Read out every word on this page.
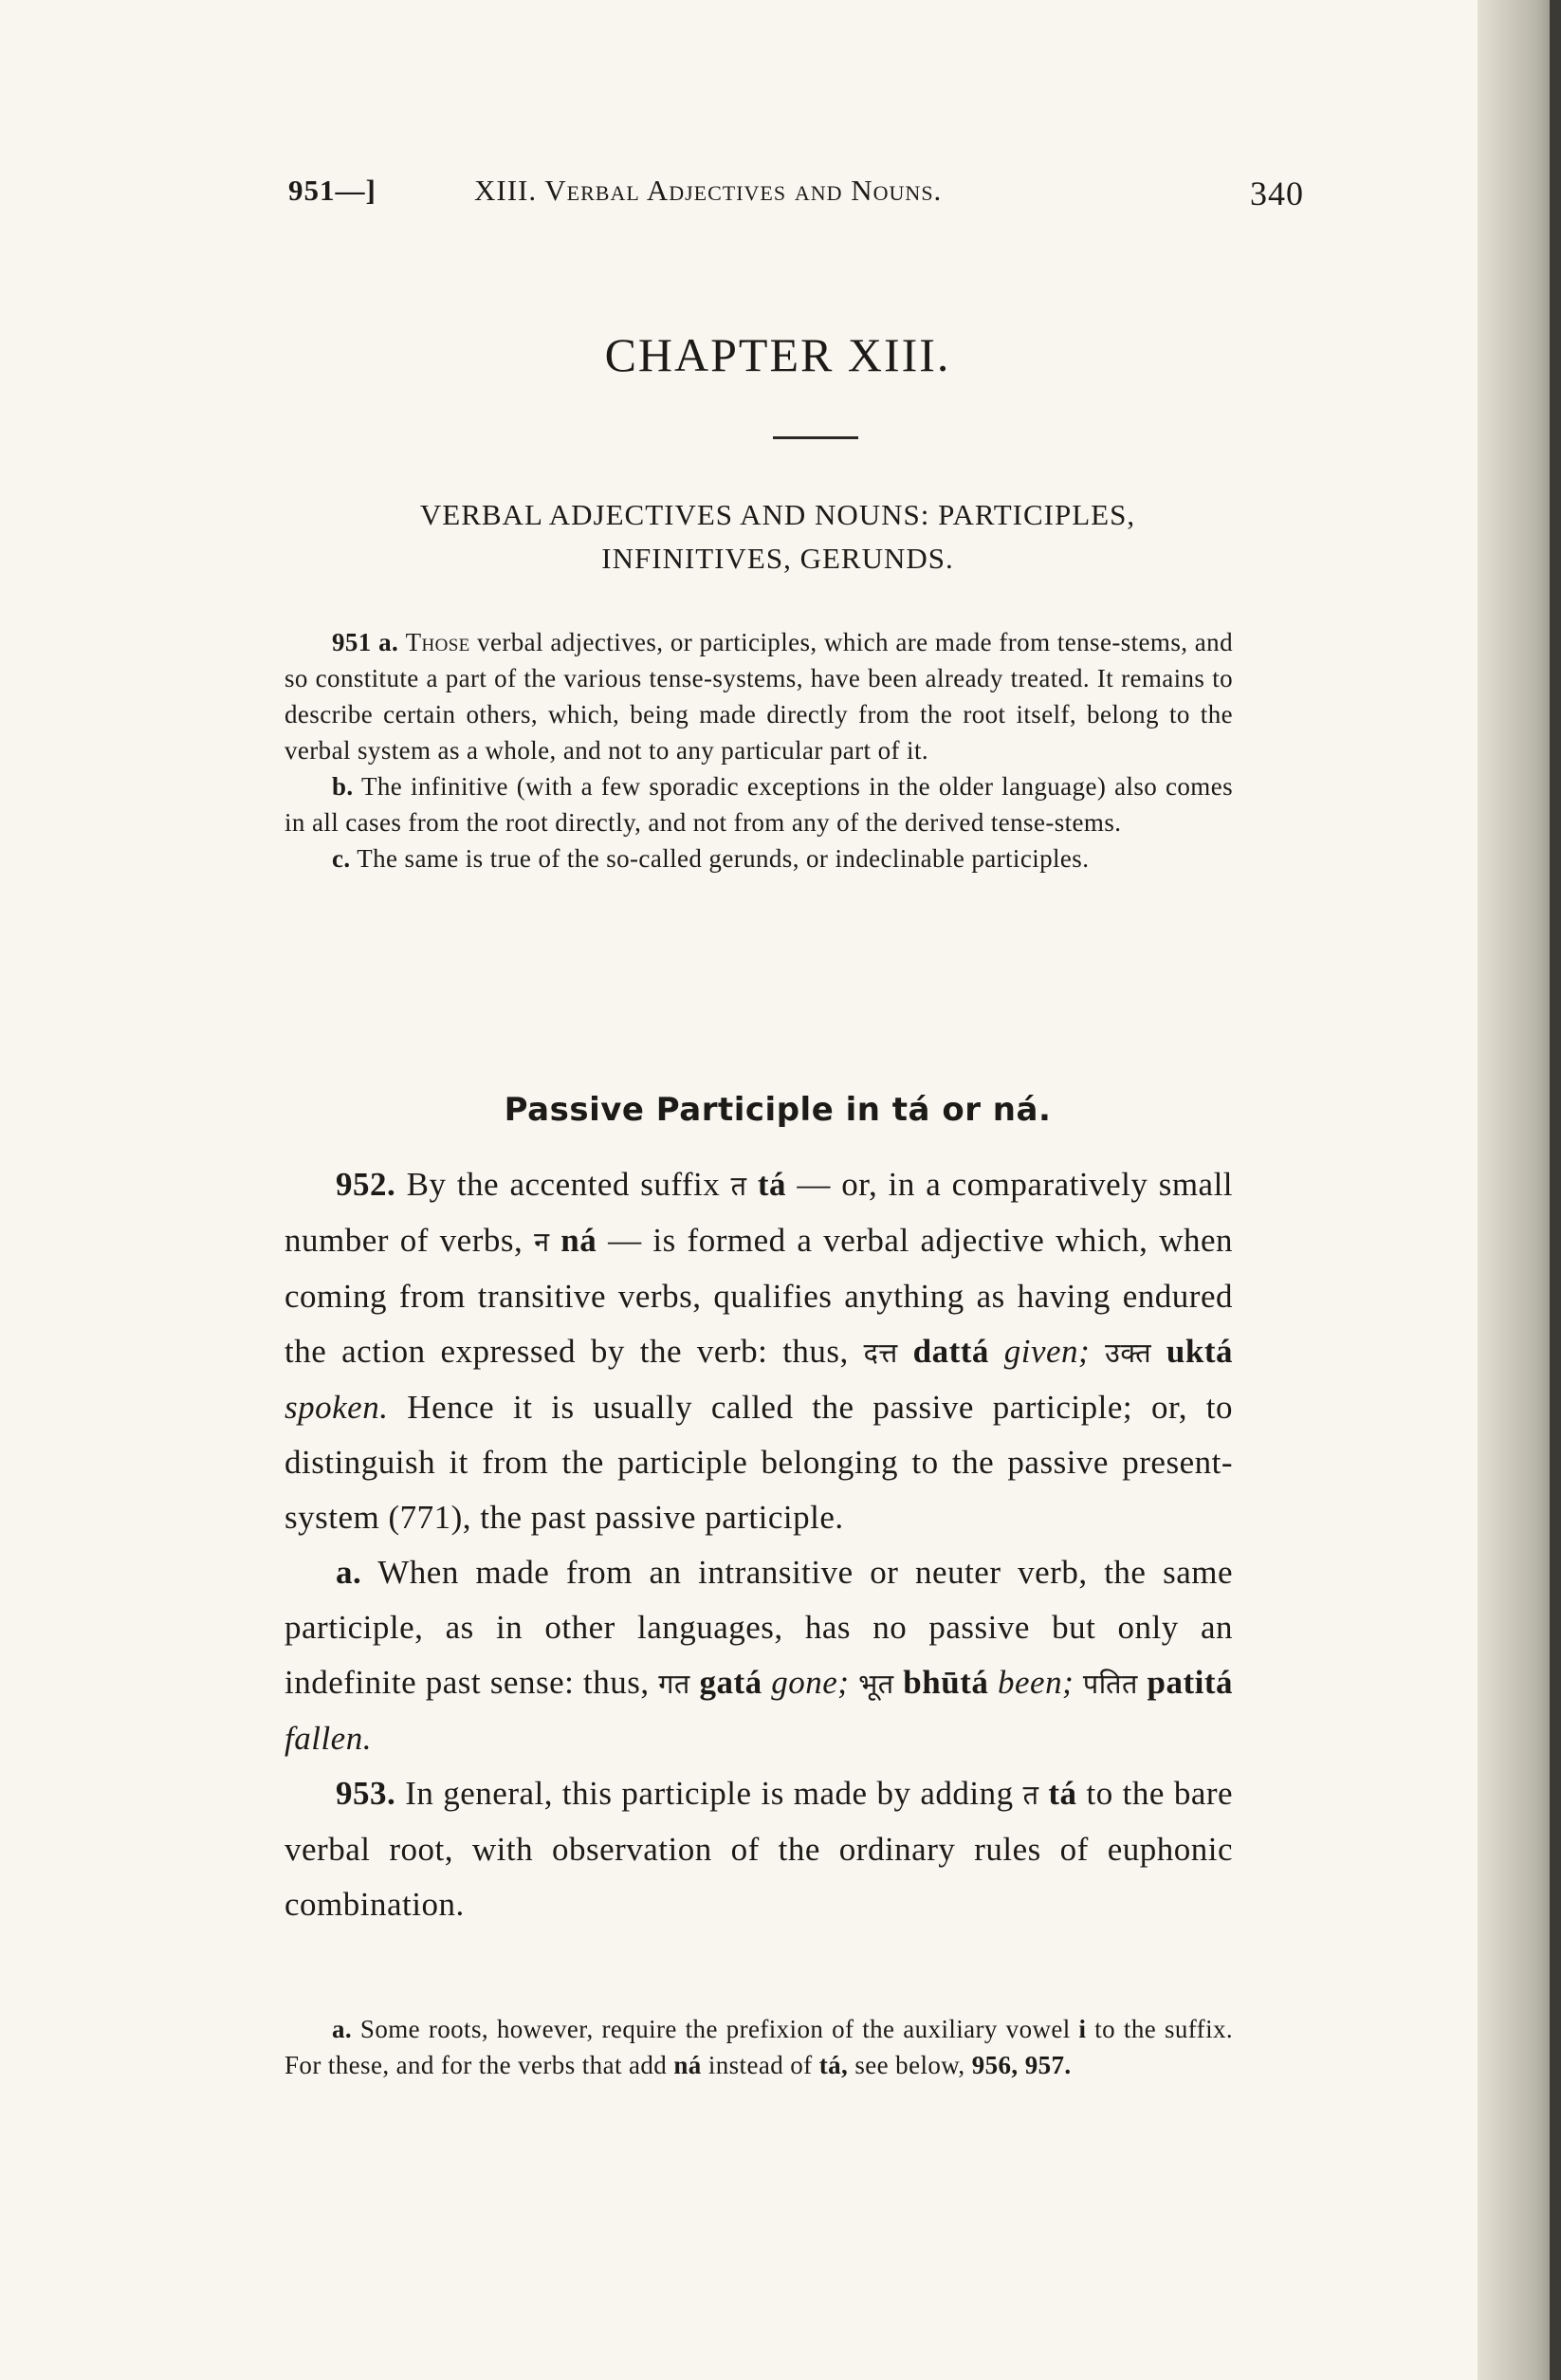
951—]	XIII. Verbal Adjectives and Nouns.	340
CHAPTER XIII.
VERBAL ADJECTIVES AND NOUNS: PARTICIPLES,
INFINITIVES, GERUNDS.

951 a. Those verbal adjectives, or participles, which are made from tense-stems, and so constitute a part of the various tense-systems, have been already treated. It remains to describe certain others, which, being made directly from the root itself, belong to the verbal system as a whole, and not to any particular part of it.

b. The infinitive (with a few sporadic exceptions in the older language) also comes in all cases from the root directly, and not from any of the derived tense-stems.

c. The same is true of the so-called gerunds, or indeclinable participles.

Passive Participle in tá or ná.

952. By the accented suffix त tá — or, in a comparatively small number of verbs, न ná — is formed a verbal adjective which, when coming from transitive verbs, qualifies anything as having endured the action expressed by the verb: thus, दत्त dattá given; उक्त uktá spoken. Hence it is usually called the passive participle; or, to distinguish it from the participle belonging to the passive present-system (771), the past passive participle.

a. When made from an intransitive or neuter verb, the same participle, as in other languages, has no passive but only an indefinite past sense: thus, गत gatá gone; भूत bhūtá been; पतित patitá fallen.

953. In general, this participle is made by adding त tá to the bare verbal root, with observation of the ordinary rules of euphonic combination.

a. Some roots, however, require the prefixion of the auxiliary vowel i to the suffix. For these, and for the verbs that add ná instead of tá, see below, 956, 957.
